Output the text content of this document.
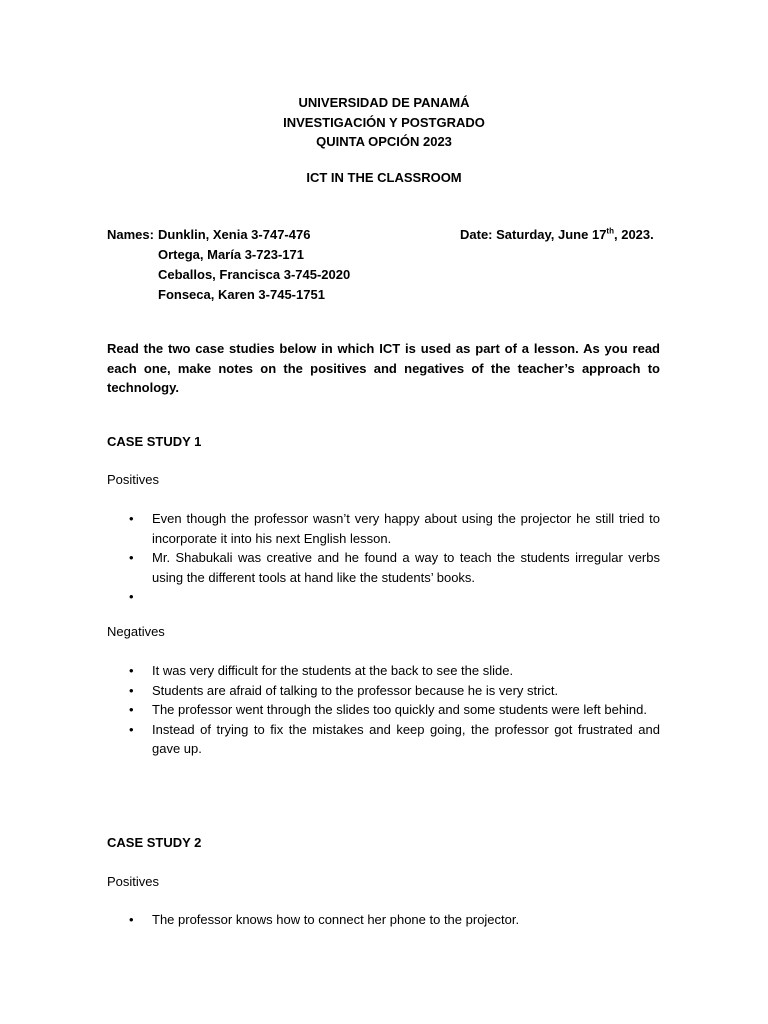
UNIVERSIDAD DE PANAMÁ
INVESTIGACIÓN Y POSTGRADO
QUINTA OPCIÓN 2023
ICT IN THE CLASSROOM
Names: Dunklin, Xenia 3-747-476
Ortega, María 3-723-171
Ceballos, Francisca 3-745-2020
Fonseca, Karen 3-745-1751
Date: Saturday, June 17th, 2023.
Read the two case studies below in which ICT is used as part of a lesson. As you read each one, make notes on the positives and negatives of the teacher’s approach to technology.
CASE STUDY 1
Positives
• Even though the professor wasn’t very happy about using the projector he still tried to incorporate it into his next English lesson.
• Mr. Shabukali was creative and he found a way to teach the students irregular verbs using the different tools at hand like the students’ books.
•
Negatives
• It was very difficult for the students at the back to see the slide.
• Students are afraid of talking to the professor because he is very strict.
• The professor went through the slides too quickly and some students were left behind.
• Instead of trying to fix the mistakes and keep going, the professor got frustrated and gave up.
CASE STUDY 2
Positives
• The professor knows how to connect her phone to the projector.
